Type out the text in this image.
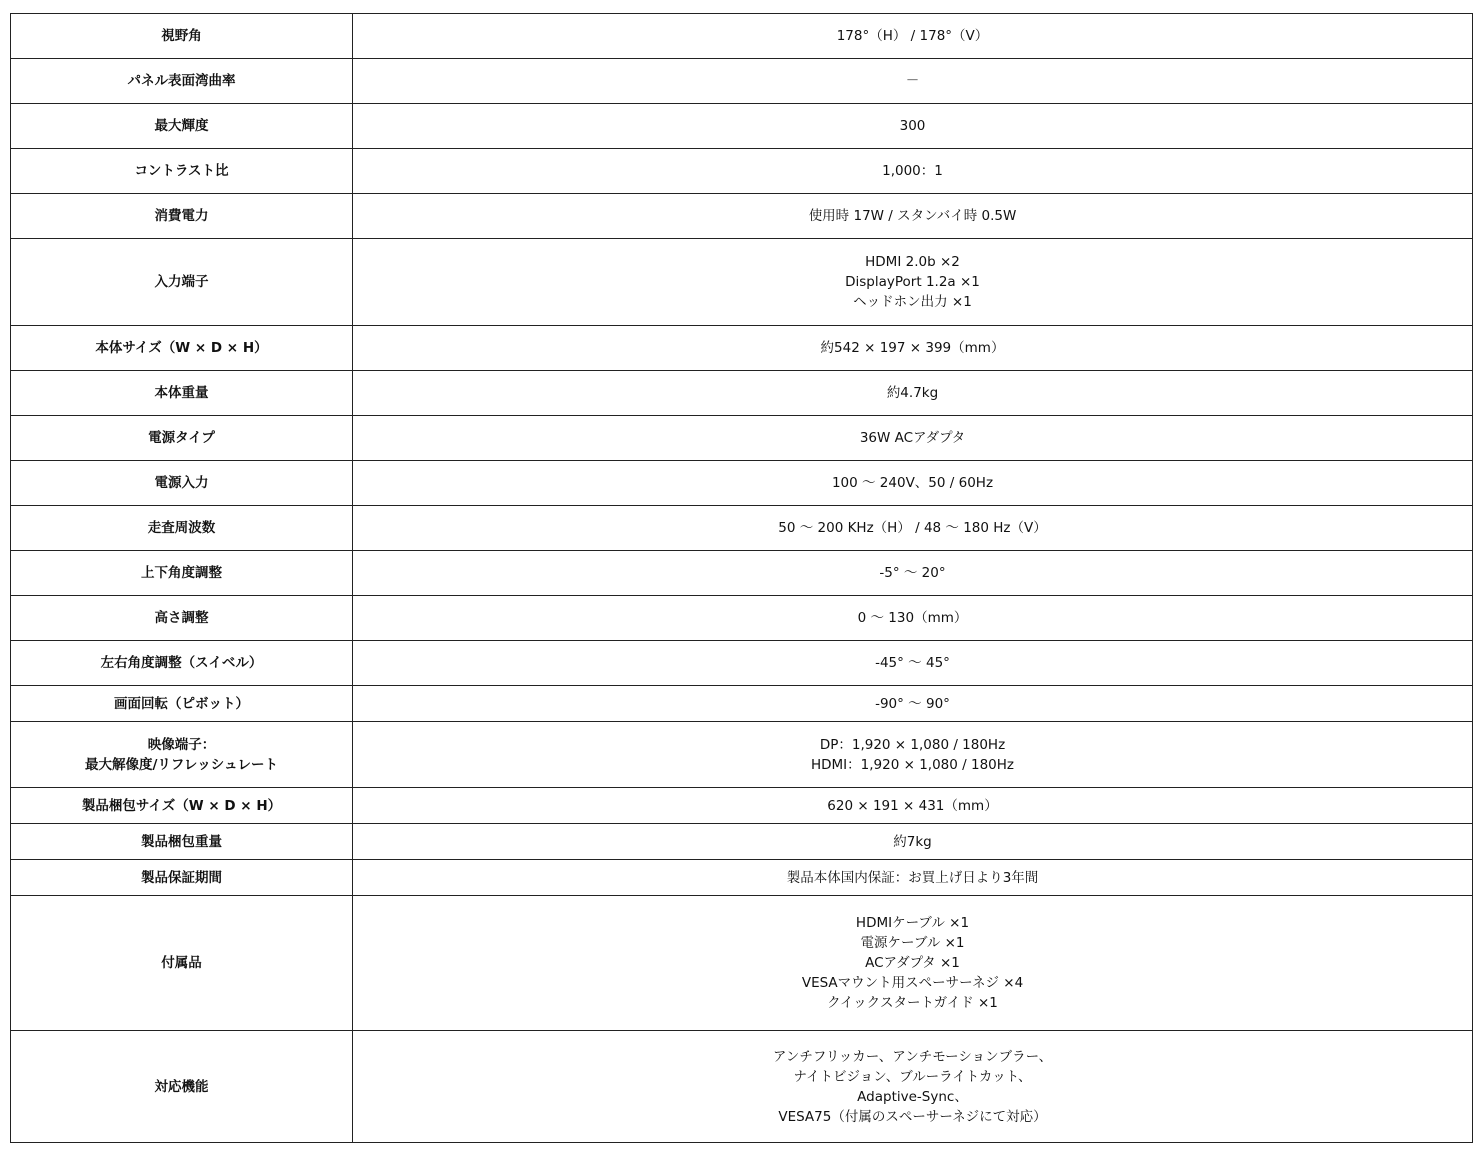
視野角	178°（H） / 178°（V）

パネル表面湾曲率	－

最大輝度	300

コントラスト比	1,000：1

消費電力	使用時 17W / スタンバイ時 0.5W

入力端子	HDMI 2.0b ×2
DisplayPort 1.2a ×1
ヘッドホン出力 ×1

本体サイズ（W × D × H）	約542 × 197 × 399（mm）

本体重量	約4.7kg

電源タイプ	36W ACアダプタ

電源入力	100 ～ 240V、50 / 60Hz

走査周波数	50 ～ 200 KHz（H） / 48 ～ 180 Hz（V）

上下角度調整	-5° ～ 20°

高さ調整	0 ～ 130（mm）

左右角度調整（スイベル）	-45° ～ 45°

画面回転（ピボット）	-90° ～ 90°

映像端子：
最大解像度/リフレッシュレート	DP：1,920 × 1,080 / 180Hz
HDMI：1,920 × 1,080 / 180Hz

製品梱包サイズ（W × D × H）	620 × 191 × 431（mm）

製品梱包重量	約7kg

製品保証期間	製品本体国内保証：お買上げ日より3年間

付属品	HDMIケーブル ×1
電源ケーブル ×1
ACアダプタ ×1
VESAマウント用スペーサーネジ ×4
クイックスタートガイド ×1

対応機能	アンチフリッカー、アンチモーションブラー、
ナイトビジョン、ブルーライトカット、
Adaptive-Sync、
VESA75（付属のスペーサーネジにて対応）
